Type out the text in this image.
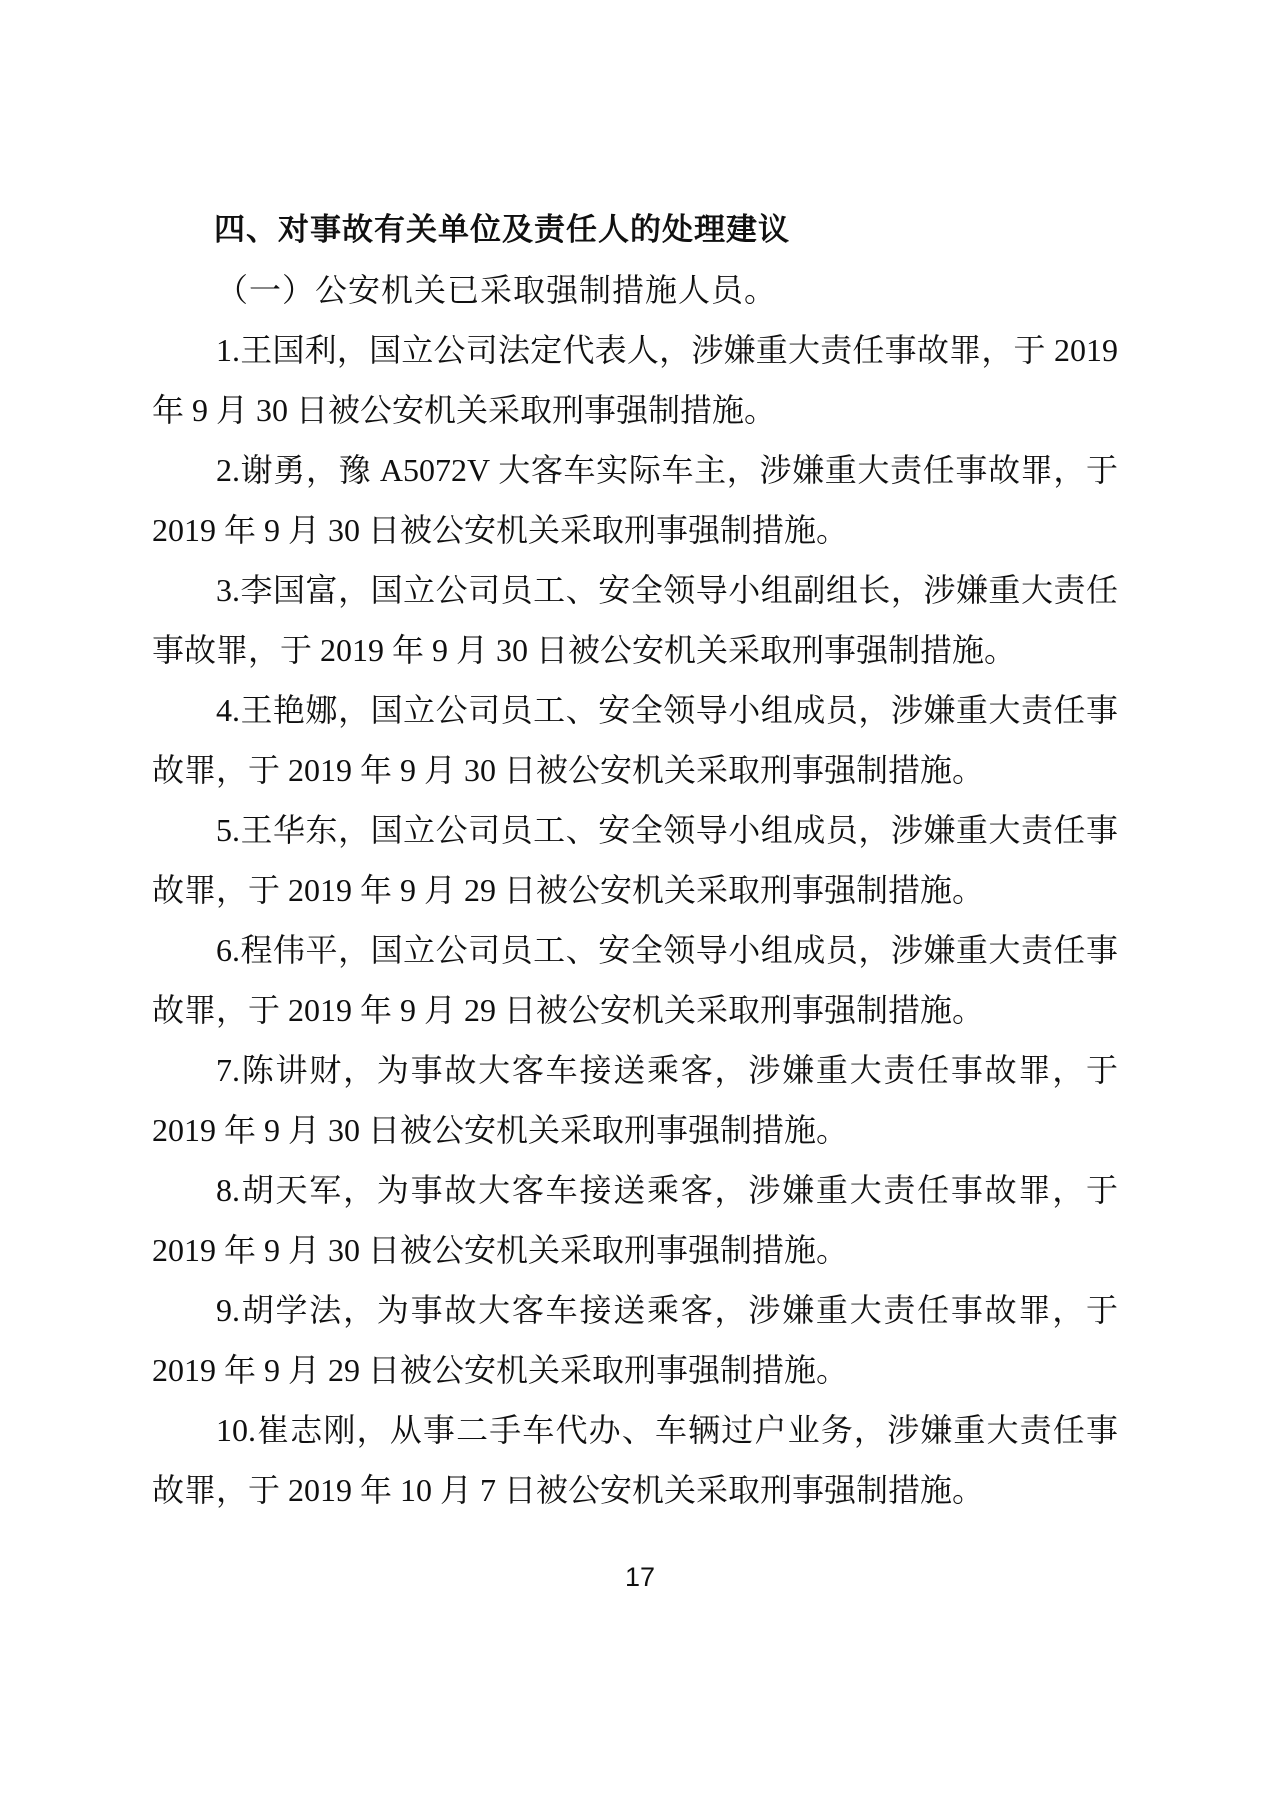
四、对事故有关单位及责任人的处理建议
（一）公安机关已采取强制措施人员。
1.王国利，国立公司法定代表人，涉嫌重大责任事故罪，于 2019 年 9 月 30 日被公安机关采取刑事强制措施。
2.谢勇，豫 A5072V 大客车实际车主，涉嫌重大责任事故罪，于 2019 年 9 月 30 日被公安机关采取刑事强制措施。
3.李国富，国立公司员工、安全领导小组副组长，涉嫌重大责任事故罪，于 2019 年 9 月 30 日被公安机关采取刑事强制措施。
4.王艳娜，国立公司员工、安全领导小组成员，涉嫌重大责任事故罪，于 2019 年 9 月 30 日被公安机关采取刑事强制措施。
5.王华东，国立公司员工、安全领导小组成员，涉嫌重大责任事故罪，于 2019 年 9 月 29 日被公安机关采取刑事强制措施。
6.程伟平，国立公司员工、安全领导小组成员，涉嫌重大责任事故罪，于 2019 年 9 月 29 日被公安机关采取刑事强制措施。
7.陈讲财，为事故大客车接送乘客，涉嫌重大责任事故罪，于 2019 年 9 月 30 日被公安机关采取刑事强制措施。
8.胡天军，为事故大客车接送乘客，涉嫌重大责任事故罪，于 2019 年 9 月 30 日被公安机关采取刑事强制措施。
9.胡学法，为事故大客车接送乘客，涉嫌重大责任事故罪，于 2019 年 9 月 29 日被公安机关采取刑事强制措施。
10.崔志刚，从事二手车代办、车辆过户业务，涉嫌重大责任事故罪，于 2019 年 10 月 7 日被公安机关采取刑事强制措施。
17
